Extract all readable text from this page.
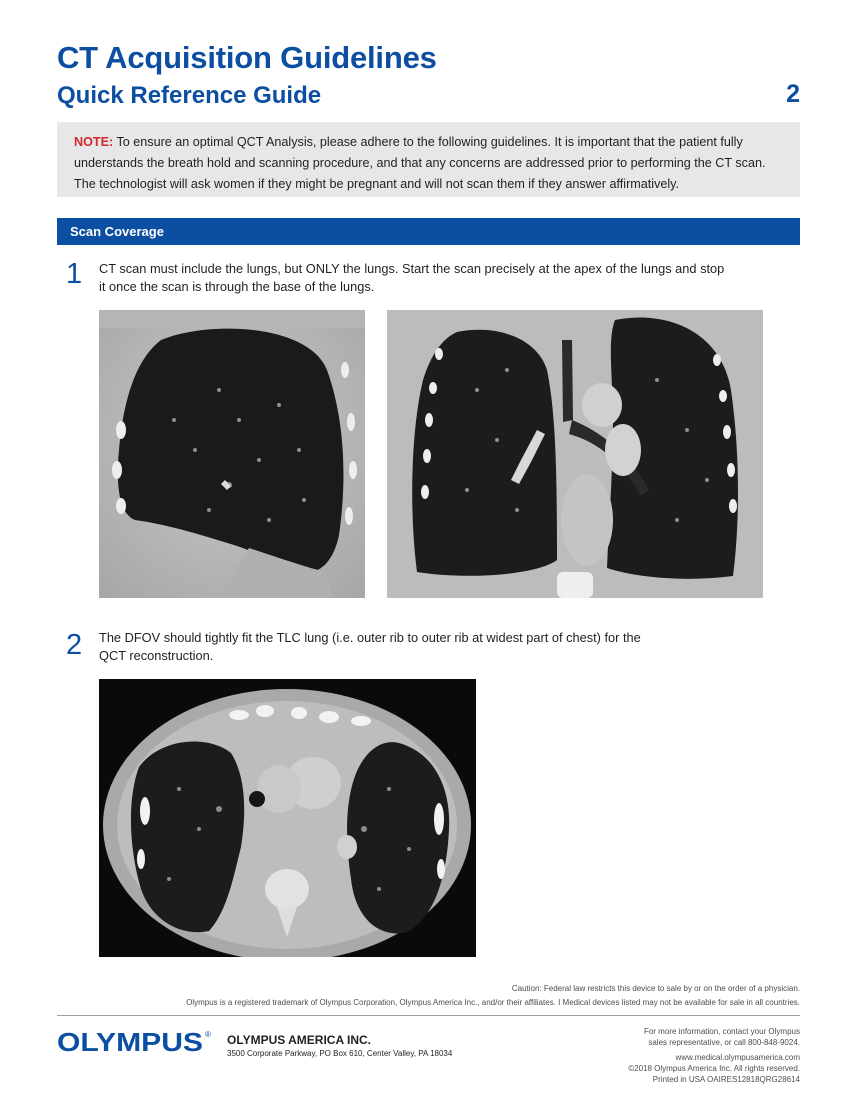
CT Acquisition Guidelines
Quick Reference Guide	2
NOTE: To ensure an optimal QCT Analysis, please adhere to the following guidelines. It is important that the patient fully understands the breath hold and scanning procedure, and that any concerns are addressed prior to performing the CT scan. The technologist will ask women if they might be pregnant and will not scan them if they answer affirmatively.
Scan Coverage
1 CT scan must include the lungs, but ONLY the lungs. Start the scan precisely at the apex of the lungs and stop
it once the scan is through the base of the lungs.
2 The DFOV should tightly fit the TLC lung (i.e. outer rib to outer rib at widest part of chest) for the
QCT reconstruction.
Caution: Federal law restricts this device to sale by or on the order of a physician.
Olympus is a registered trademark of Olympus Corporation, Olympus America Inc., and/or their affiliates. I Medical devices listed may not be available for sale in all countries.
OLYMPUS ® OLYMPUS AMERICA INC.
3500 Corporate Parkway, PO Box 610, Center Valley, PA 18034
For more information, contact your Olympus
sales representative, or call 800-848-9024.
www.medical.olympusamerica.com
©2018 Olympus America Inc. All rights reserved.
Printed in USA OAIRES12818QRG28614
